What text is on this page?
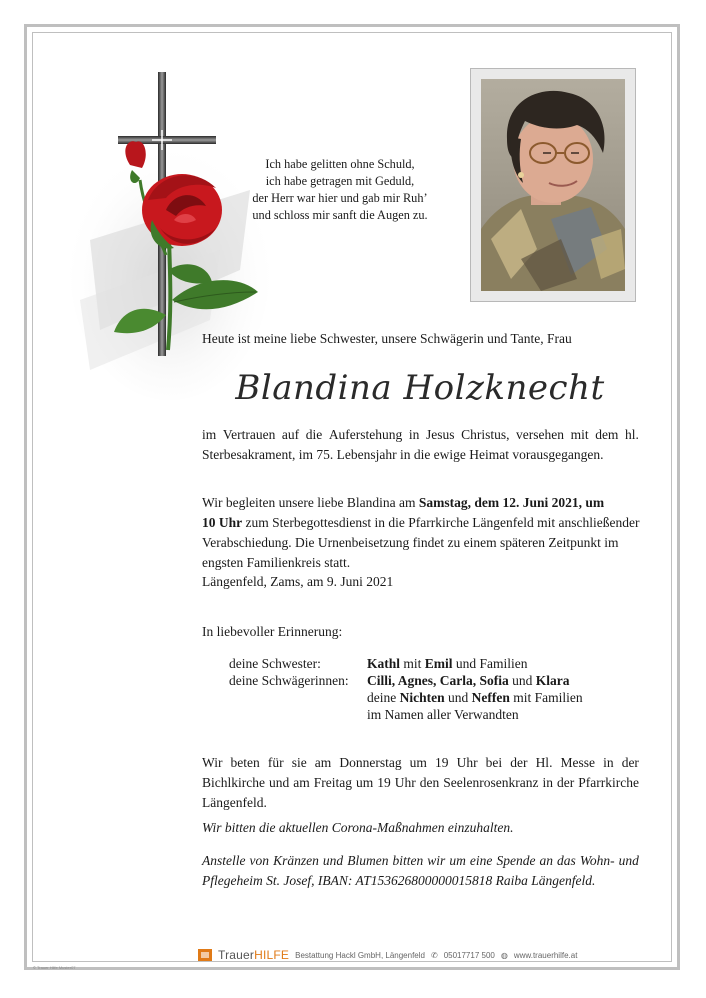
Ich habe gelitten ohne Schuld,
ich habe getragen mit Geduld,
der Herr war hier und gab mir Ruh’
und schloss mir sanft die Augen zu.
Heute ist meine liebe Schwester, unsere Schwägerin und Tante, Frau
Blandina Holzknecht
im Vertrauen auf die Auferstehung in Jesus Christus, versehen mit dem hl.
Sterbesakrament, im 75. Lebensjahr in die ewige Heimat vorausgegangen.
Wir begleiten unsere liebe Blandina am Samstag, dem 12. Juni 2021, um
10 Uhr zum Sterbegottesdienst in die Pfarrkirche Längenfeld mit anschließender
Verabschiedung. Die Urnenbeisetzung findet zu einem späteren Zeitpunkt im
engsten Familienkreis statt.
Längenfeld, Zams, am 9. Juni 2021
In liebevoller Erinnerung:
deine Schwester:	Kathl mit Emil und Familien
deine Schwägerinnen: Cilli, Agnes, Carla, Sofia und Klara
deine Nichten und Neffen mit Familien
im Namen aller Verwandten
Wir beten für sie am Donnerstag um 19 Uhr bei der Hl. Messe in der
Bichlkirche und am Freitag um 19 Uhr den Seelenrosenkranz in der Pfarrkirche
Längenfeld.
Wir bitten die aktuellen Corona-Maßnahmen einzuhalten.
Anstelle von Kränzen und Blumen bitten wir um eine Spende an das Wohn- und
Pflegeheim St. Josef, IBAN: AT153626800000015818 Raiba Längenfeld.
TrauerHILFE Bestattung Hackl GmbH, Längenfeld ✆ 05017717 500 ◍ www.trauerhilfe.at
© Trauer Hilfe Muster07
